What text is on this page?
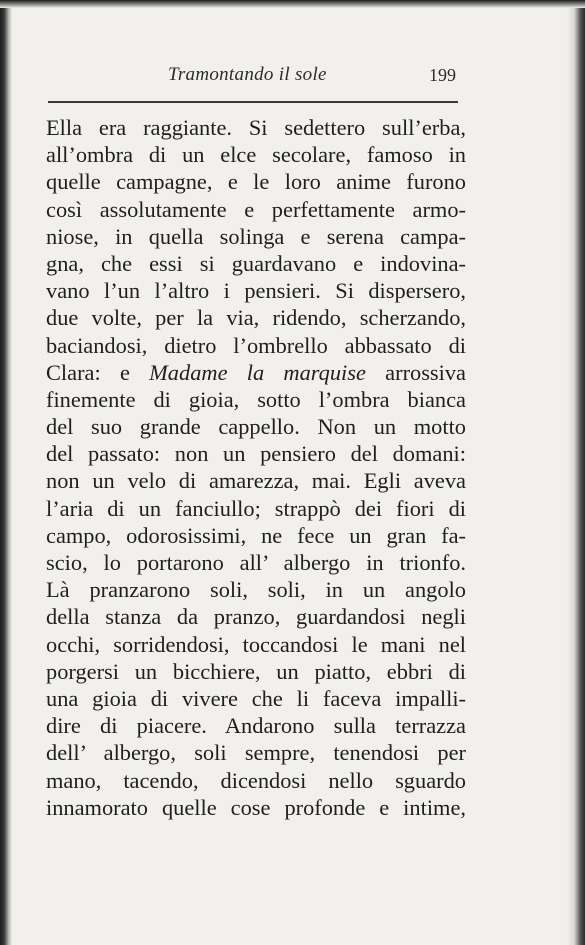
Tramontando il sole	199
Ella era raggiante. Si sedettero sull’erba,
all’ombra di un elce secolare, famoso in
quelle campagne, e le loro anime furono
così assolutamente e perfettamente armo-
niose, in quella solinga e serena campa-
gna, che essi si guardavano e indovina-
vano l’un l’altro i pensieri. Si dispersero,
due volte, per la via, ridendo, scherzando,
baciandosi, dietro l’ombrello abbassato di
Clara: e Madame la marquise arrossiva
finemente di gioia, sotto l’ombra bianca
del suo grande cappello. Non un motto
del passato: non un pensiero del domani:
non un velo di amarezza, mai. Egli aveva
l’aria di un fanciullo; strappò dei fiori di
campo, odorosissimi, ne fece un gran fa-
scio, lo portarono all’ albergo in trionfo.
Là pranzarono soli, soli, in un angolo
della stanza da pranzo, guardandosi negli
occhi, sorridendosi, toccandosi le mani nel
porgersi un bicchiere, un piatto, ebbri di
una gioia di vivere che li faceva impalli-
dire di piacere. Andarono sulla terrazza
dell’ albergo, soli sempre, tenendosi per
mano, tacendo, dicendosi nello sguardo
innamorato quelle cose profonde e intime,
